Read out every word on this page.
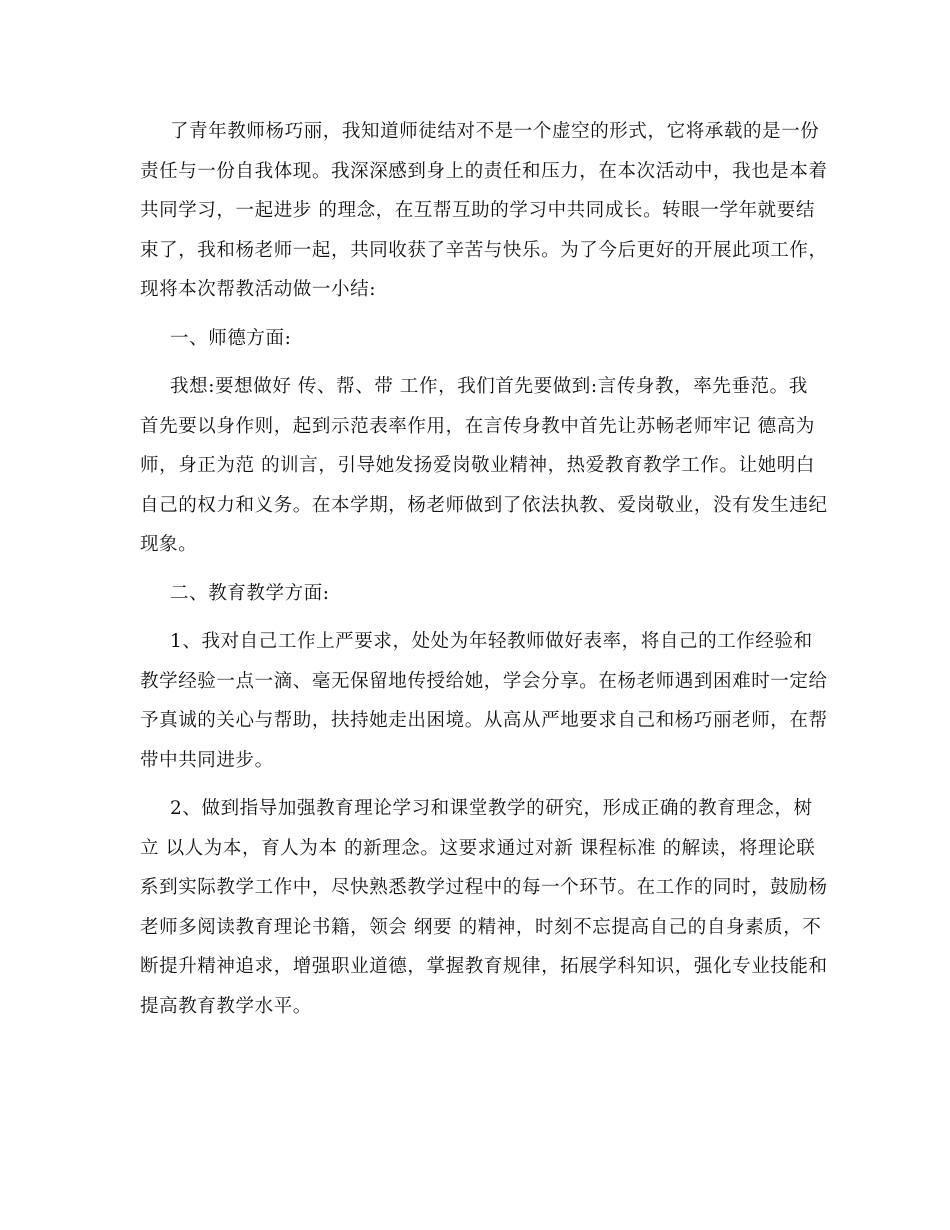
了青年教师杨巧丽，我知道师徒结对不是一个虚空的形式，它将承载的是一份
责任与一份自我体现。我深深感到身上的责任和压力，在本次活动中，我也是本着
共同学习，一起进步 的理念，在互帮互助的学习中共同成长。转眼一学年就要结
束了，我和杨老师一起，共同收获了辛苦与快乐。为了今后更好的开展此项工作，
现将本次帮教活动做一小结:

一、师德方面:

我想:要想做好 传、帮、带 工作，我们首先要做到:言传身教，率先垂范。我
首先要以身作则，起到示范表率作用，在言传身教中首先让苏畅老师牢记 德高为
师，身正为范 的训言，引导她发扬爱岗敬业精神，热爱教育教学工作。让她明白
自己的权力和义务。在本学期，杨老师做到了依法执教、爱岗敬业，没有发生违纪
现象。

二、教育教学方面:

1、我对自己工作上严要求，处处为年轻教师做好表率，将自己的工作经验和
教学经验一点一滴、毫无保留地传授给她，学会分享。在杨老师遇到困难时一定给
予真诚的关心与帮助，扶持她走出困境。从高从严地要求自己和杨巧丽老师，在帮
带中共同进步。

2、做到指导加强教育理论学习和课堂教学的研究，形成正确的教育理念，树
立 以人为本，育人为本 的新理念。这要求通过对新 课程标准 的解读，将理论联
系到实际教学工作中，尽快熟悉教学过程中的每一个环节。在工作的同时，鼓励杨
老师多阅读教育理论书籍，领会 纲要 的精神，时刻不忘提高自己的自身素质，不
断提升精神追求，增强职业道德，掌握教育规律，拓展学科知识，强化专业技能和
提高教育教学水平。
